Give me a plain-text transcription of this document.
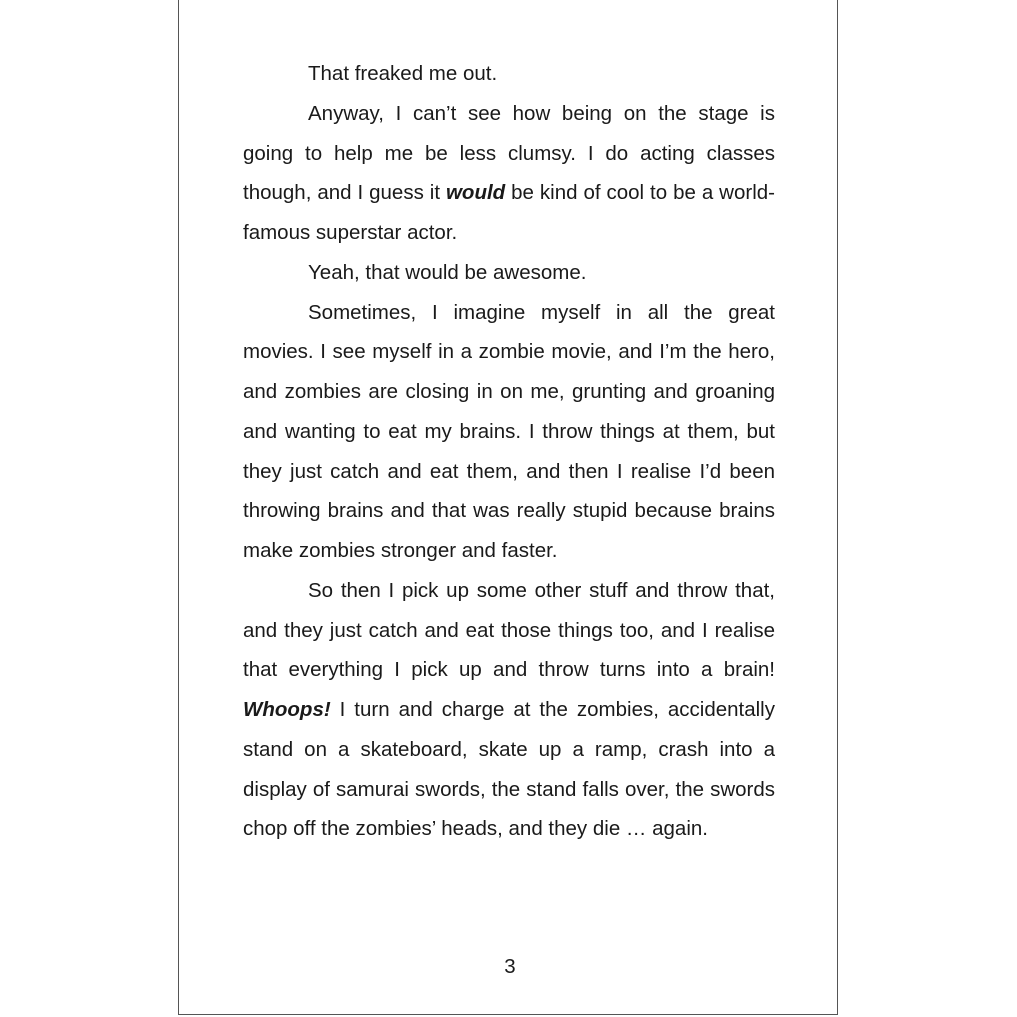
That freaked me out.

Anyway, I can’t see how being on the stage is going to help me be less clumsy. I do acting classes though, and I guess it would be kind of cool to be a world-famous superstar actor.

Yeah, that would be awesome.

Sometimes, I imagine myself in all the great movies. I see myself in a zombie movie, and I’m the hero, and zombies are closing in on me, grunting and groaning and wanting to eat my brains. I throw things at them, but they just catch and eat them, and then I realise I’d been throwing brains and that was really stupid because brains make zombies stronger and faster.

So then I pick up some other stuff and throw that, and they just catch and eat those things too, and I realise that everything I pick up and throw turns into a brain! Whoops! I turn and charge at the zombies, accidentally stand on a skateboard, skate up a ramp, crash into a display of samurai swords, the stand falls over, the swords chop off the zombies’ heads, and they die … again.

3
